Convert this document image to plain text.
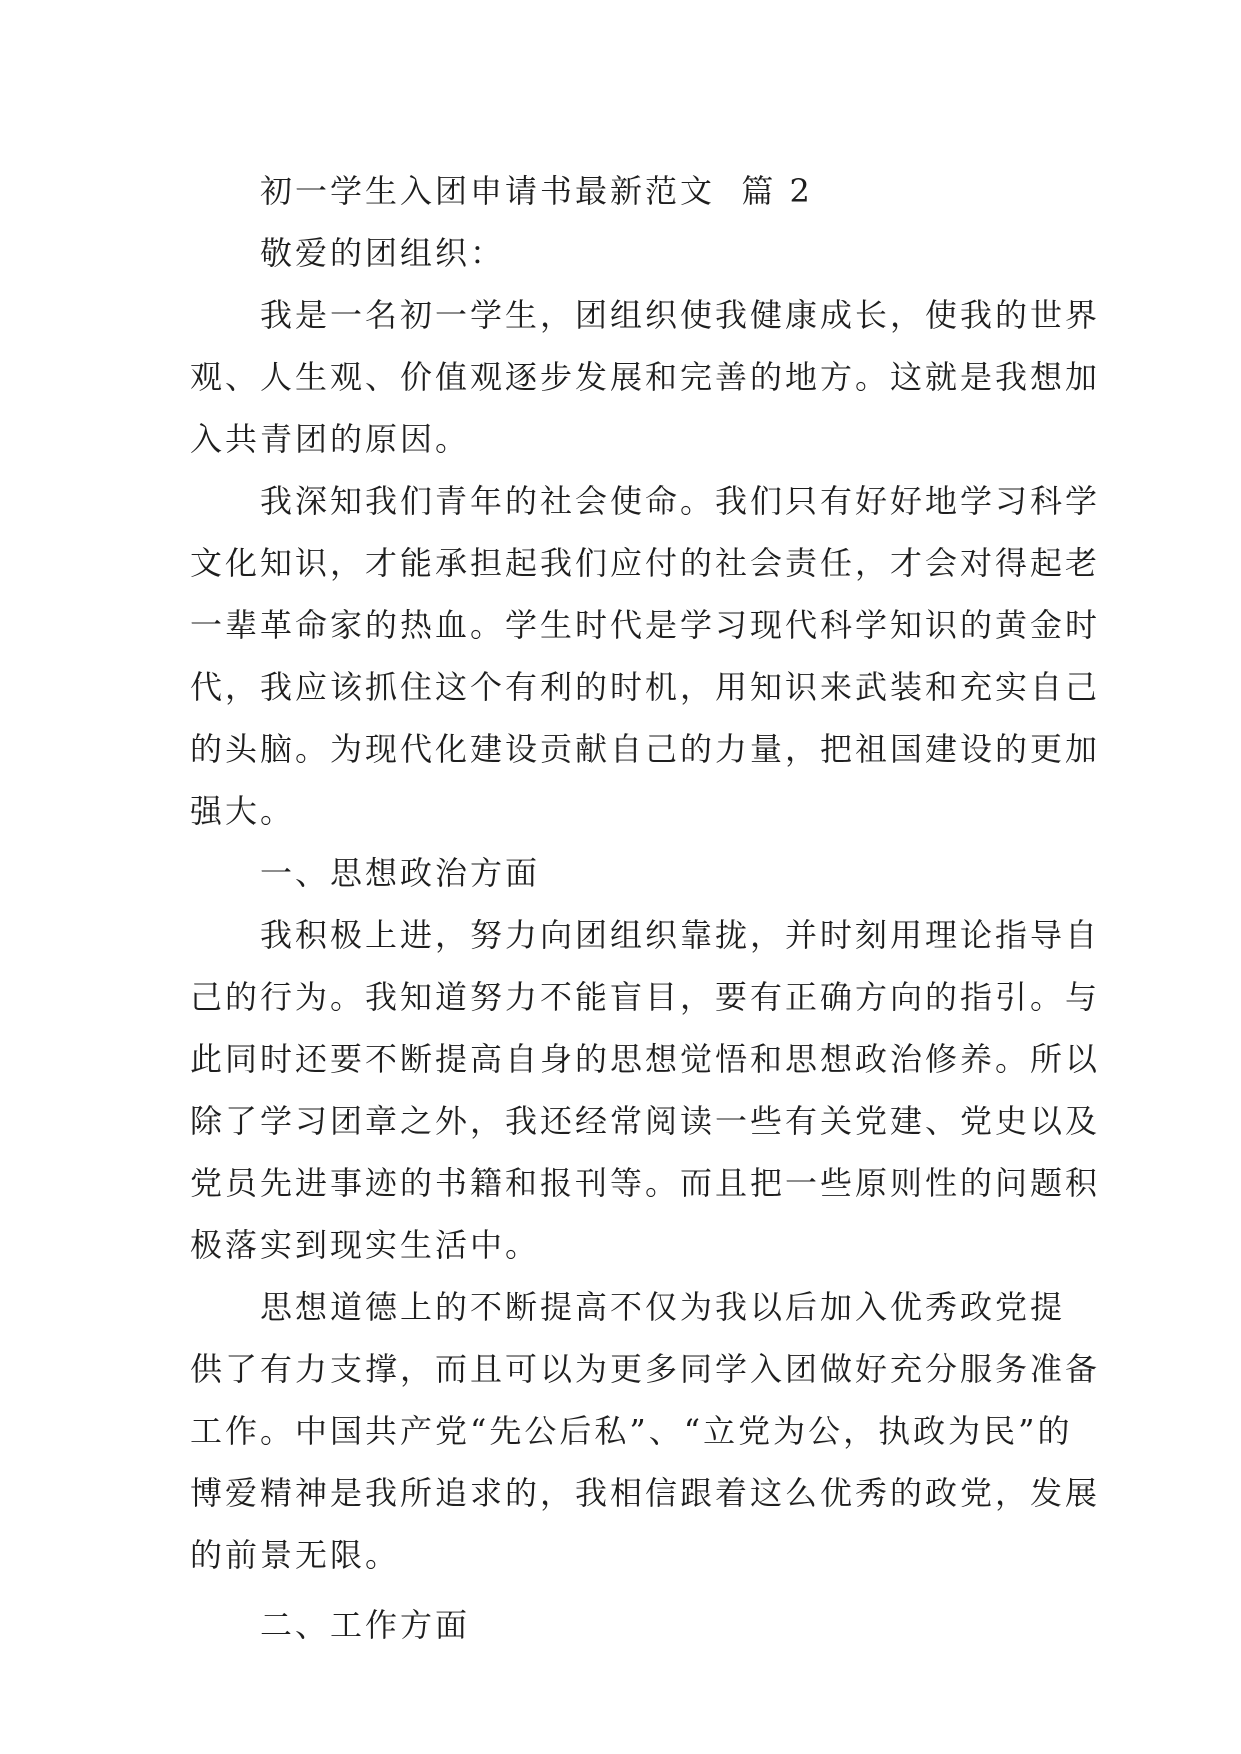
初一学生入团申请书最新范文  篇 2

敬爱的团组织：

我是一名初一学生，团组织使我健康成长，使我的世界
观、人生观、价值观逐步发展和完善的地方。这就是我想加
入共青团的原因。
我深知我们青年的社会使命。我们只有好好地学习科学
文化知识，才能承担起我们应付的社会责任，才会对得起老
一辈革命家的热血。学生时代是学习现代科学知识的黄金时
代，我应该抓住这个有利的时机，用知识来武装和充实自己
的头脑。为现代化建设贡献自己的力量，把祖国建设的更加
强大。

一、思想政治方面

我积极上进，努力向团组织靠拢，并时刻用理论指导自
己的行为。我知道努力不能盲目，要有正确方向的指引。与
此同时还要不断提高自身的思想觉悟和思想政治修养。所以
除了学习团章之外，我还经常阅读一些有关党建、党史以及
党员先进事迹的书籍和报刊等。而且把一些原则性的问题积
极落实到现实生活中。
思想道德上的不断提高不仅为我以后加入优秀政党提
供了有力支撑，而且可以为更多同学入团做好充分服务准备
工作。中国共产党“先公后私”、“立党为公，执政为民”的
博爱精神是我所追求的，我相信跟着这么优秀的政党，发展
的前景无限。

二、工作方面
